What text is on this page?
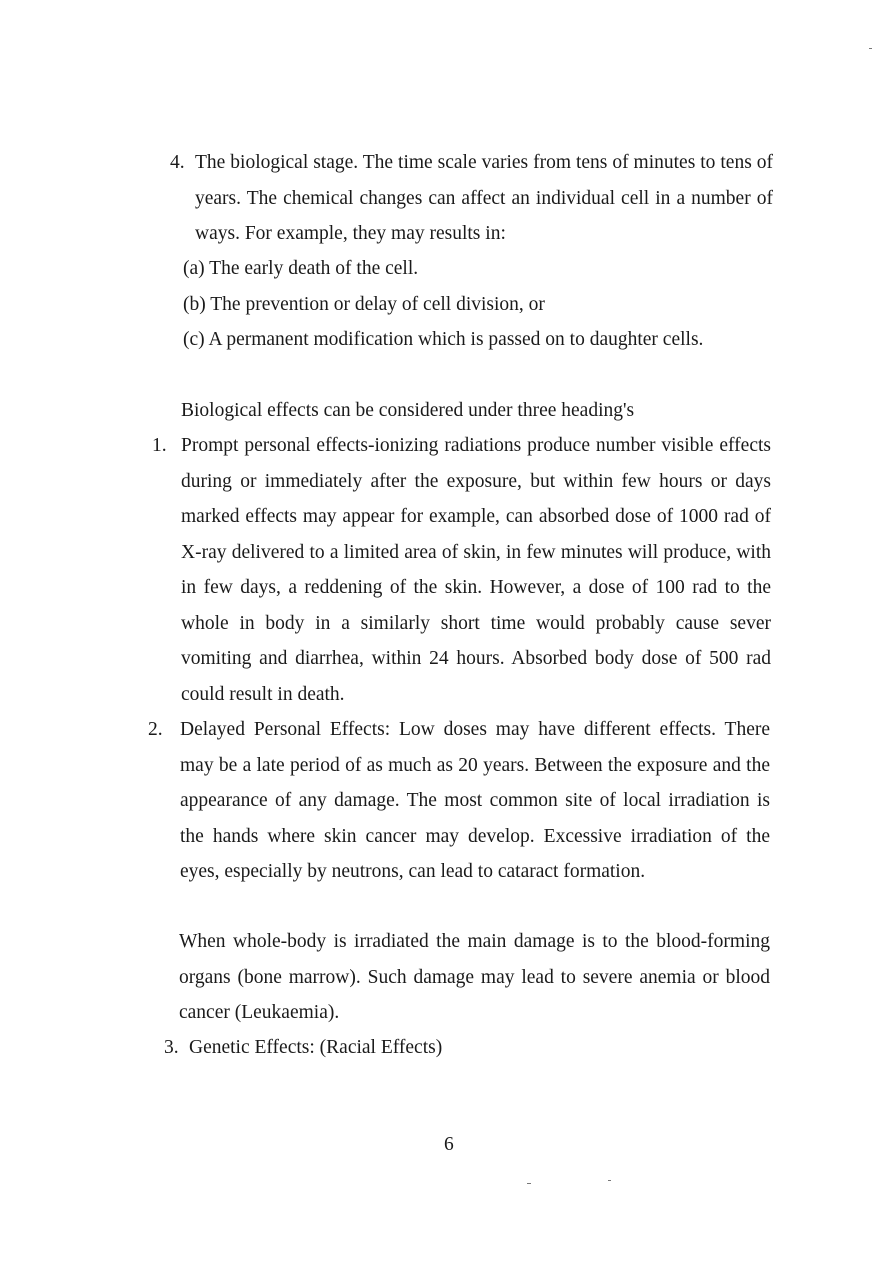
4. The biological stage. The time scale varies from tens of minutes to tens of years. The chemical changes can affect an individual cell in a number of ways. For example, they may results in:
(a) The early death of the cell.
(b) The prevention or delay of cell division, or
(c) A permanent modification which is passed on to daughter cells.
Biological effects can be considered under three heading's
1. Prompt personal effects-ionizing radiations produce number visible effects during or immediately after the exposure, but within few hours or days marked effects may appear for example, can absorbed dose of 1000 rad of X-ray delivered to a limited area of skin, in few minutes will produce, with in few days, a reddening of the skin. However, a dose of 100 rad to the whole in body in a similarly short time would probably cause sever vomiting and diarrhea, within 24 hours. Absorbed body dose of 500 rad could result in death.
2. Delayed Personal Effects: Low doses may have different effects. There may be a late period of as much as 20 years. Between the exposure and the appearance of any damage. The most common site of local irradiation is the hands where skin cancer may develop. Excessive irradiation of the eyes, especially by neutrons, can lead to cataract formation.
When whole-body is irradiated the main damage is to the blood-forming organs (bone marrow). Such damage may lead to severe anemia or blood cancer (Leukaemia).
3. Genetic Effects: (Racial Effects)
6
